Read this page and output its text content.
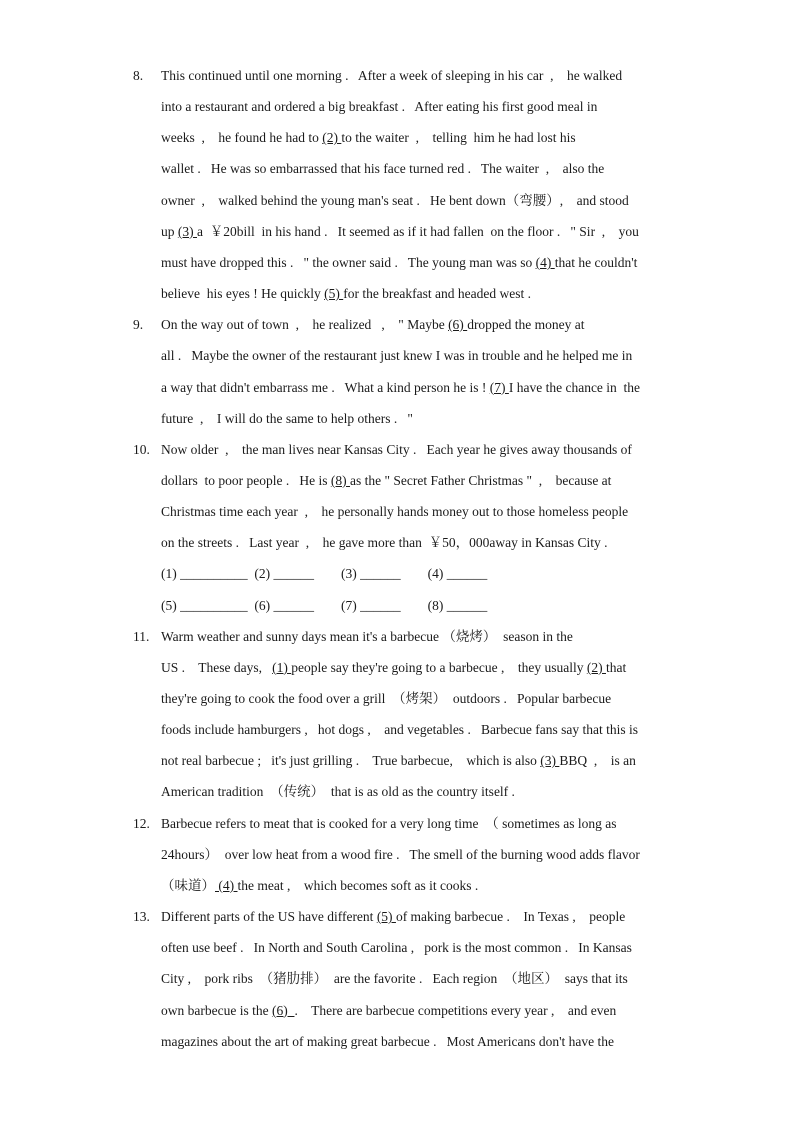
8. This continued until one morning .   After a week of sleeping in his car  ,    he walked
into a restaurant and ordered a big breakfast .   After eating his first good meal in
weeks  ,    he found he had to (2) to the waiter  ,    telling  him he had lost his
wallet .   He was so embarrassed that his face turned red .   The waiter  ,    also the
owner  ,    walked behind the young man's seat .   He bent down（弯腰）,    and stood
up (3) a  ￥20bill  in his hand .   It seemed as if it had fallen  on the floor .   " Sir  ,    you
must have dropped this .   " the owner said .   The young man was so (4) that he couldn't
believe  his eyes ! He quickly (5) for the breakfast and headed west .
9. On the way out of town  ,    he realized   ,    " Maybe (6) dropped the money at
all .   Maybe the owner of the restaurant just knew I was in trouble and he helped me in
a way that didn't embarrass me .   What a kind person he is ! (7) I have the chance in  the
future  ,    I will do the same to help others .   "
10. Now older  ,    the man lives near Kansas City .   Each year he gives away thousands of
dollars  to poor people .   He is (8) as the " Secret Father Christmas "  ,    because at
Christmas time each year  ,    he personally hands money out to those homeless people
on the streets .   Last year  ,    he gave more than  ￥50，000away in Kansas City .
(1) __________  (2) ______        (3) ______        (4) ______
(5) __________  (6) ______        (7) ______        (8) ______
11. Warm weather and sunny days mean it's a barbecue （烧烤）  season in the
US .    These days,   (1) people say they're going to a barbecue ,    they usually (2) that
they're going to cook the food over a grill  （烤架）  outdoors .   Popular barbecue
foods include hamburgers ,   hot dogs ,    and vegetables .   Barbecue fans say that this is
not real barbecue ;   it's just grilling .    True barbecue,    which is also (3) BBQ  ,    is an
American tradition  （传统）  that is as old as the country itself .
12. Barbecue refers to meat that is cooked for a very long time  （ sometimes as long as
24hours）  over low heat from a wood fire .   The smell of the burning wood adds flavor
（味道） (4) the meat ,    which becomes soft as it cooks .
13. Different parts of the US have different (5) of making barbecue .    In Texas ,    people
often use beef .   In North and South Carolina ,   pork is the most common .   In Kansas
City ,    pork ribs  （猪肋排）  are the favorite .   Each region  （地区）  says that its
own barbecue is the (6)  .    There are barbecue competitions every year ,    and even
magazines about the art of making great barbecue .   Most Americans don't have the
